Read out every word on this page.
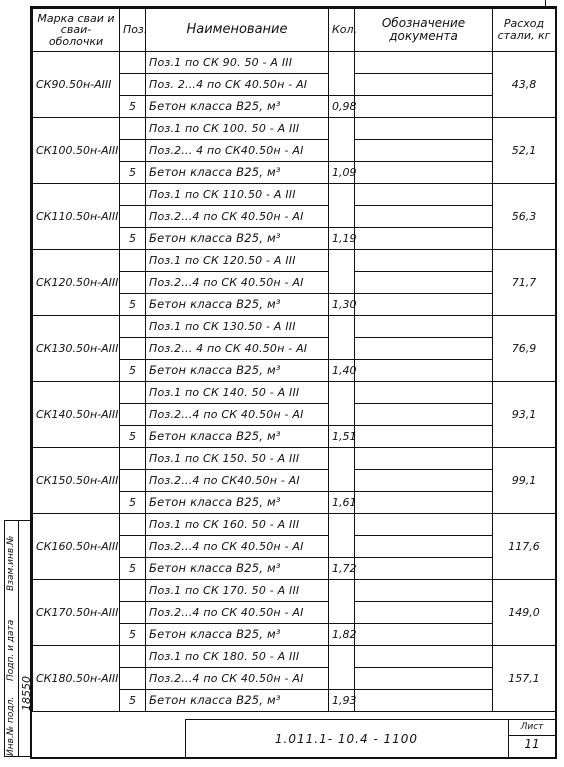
Марка сваи и сваи-оболочки	Поз.	Наименование	Кол.	Обозначение документа	Расход стали, кг
СК90.50н-АIII		Поз.1 по СК 90. 50 - А III			43,8
		Поз. 2...4 по СК 40.50н - АI			
	5	Бетон класса В25, м³	0,98		
СК100.50н-АIII		Поз.1 по СК 100. 50 - А III			52,1
		Поз.2... 4 по СК40.50н - АI			
	5	Бетон класса В25, м³	1,09		
СК110.50н-АIII		Поз.1 по СК 110.50 - А III			56,3
		Поз.2...4 по СК 40.50н - АI			
	5	Бетон класса В25, м³	1,19		
СК120.50н-АIII		Поз.1 по СК 120.50 - А III			71,7
		Поз.2...4 по СК 40.50н - АI			
	5	Бетон класса В25, м³	1,30		
СК130.50н-АIII		Поз.1 по СК 130.50 - А III			76,9
		Поз.2... 4 по СК 40.50н - АI			
	5	Бетон класса В25, м³	1,40		
СК140.50н-АIII		Поз.1 по СК 140. 50 - А III			93,1
		Поз.2...4 по СК 40.50н - АI			
	5	Бетон класса В25, м³	1,51		
СК150.50н-АIII		Поз.1 по СК 150. 50 - А III			99,1
		Поз.2...4 по СК40.50н - АI			
	5	Бетон класса В25, м³	1,61		
СК160.50н-АIII		Поз.1 по СК 160. 50 - А III			117,6
		Поз.2...4 по СК 40.50н - АI			
	5	Бетон класса В25, м³	1,72		
СК170.50н-АIII		Поз.1 по СК 170. 50 - А III			149,0
		Поз.2...4 по СК 40.50н - АI			
	5	Бетон класса В25, м³	1,82		
СК180.50н-АIII		Поз.1 по СК 180. 50 - А III			157,1
		Поз.2...4 по СК 40.50н - АI			
	5	Бетон класса В25, м³	1,93		
1.011.1- 10.4 - 1100
Лист
11
Инв.№ подл.
Подп. и дата
Взам.инв.№
18550
